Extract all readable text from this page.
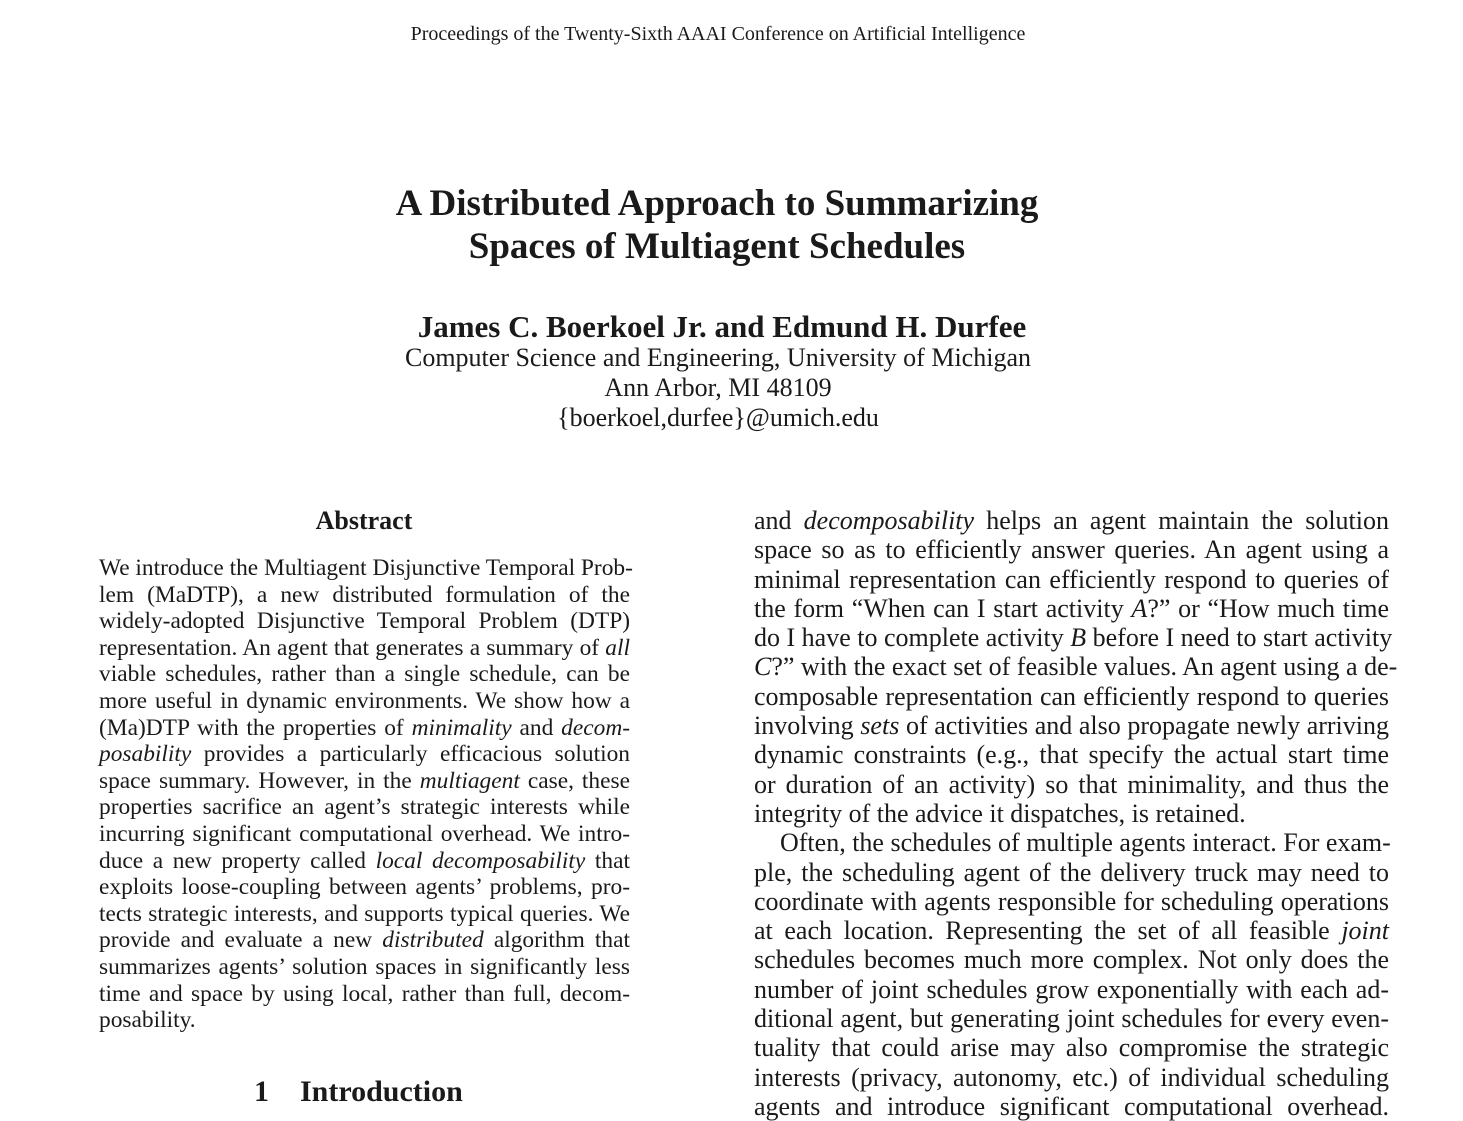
Proceedings of the Twenty-Sixth AAAI Conference on Artificial Intelligence
A Distributed Approach to Summarizing
Spaces of Multiagent Schedules
James C. Boerkoel Jr. and Edmund H. Durfee
Computer Science and Engineering, University of Michigan
Ann Arbor, MI 48109
{boerkoel,durfee}@umich.edu
Abstract
We introduce the Multiagent Disjunctive Temporal Prob-
lem (MaDTP), a new distributed formulation of the
widely-adopted Disjunctive Temporal Problem (DTP)
representation. An agent that generates a summary of all
viable schedules, rather than a single schedule, can be
more useful in dynamic environments. We show how a
(Ma)DTP with the properties of minimality and decom-
posability provides a particularly efficacious solution
space summary. However, in the multiagent case, these
properties sacrifice an agent’s strategic interests while
incurring significant computational overhead. We intro-
duce a new property called local decomposability that
exploits loose-coupling between agents’ problems, pro-
tects strategic interests, and supports typical queries. We
provide and evaluate a new distributed algorithm that
summarizes agents’ solution spaces in significantly less
time and space by using local, rather than full, decom-
posability.
1 Introduction
and decomposability helps an agent maintain the solution
space so as to efficiently answer queries. An agent using a
minimal representation can efficiently respond to queries of
the form “When can I start activity A?” or “How much time
do I have to complete activity B before I need to start activity
C?” with the exact set of feasible values. An agent using a de-
composable representation can efficiently respond to queries
involving sets of activities and also propagate newly arriving
dynamic constraints (e.g., that specify the actual start time
or duration of an activity) so that minimality, and thus the
integrity of the advice it dispatches, is retained.
Often, the schedules of multiple agents interact. For exam-
ple, the scheduling agent of the delivery truck may need to
coordinate with agents responsible for scheduling operations
at each location. Representing the set of all feasible joint
schedules becomes much more complex. Not only does the
number of joint schedules grow exponentially with each ad-
ditional agent, but generating joint schedules for every even-
tuality that could arise may also compromise the strategic
interests (privacy, autonomy, etc.) of individual scheduling
agents and introduce significant computational overhead.
